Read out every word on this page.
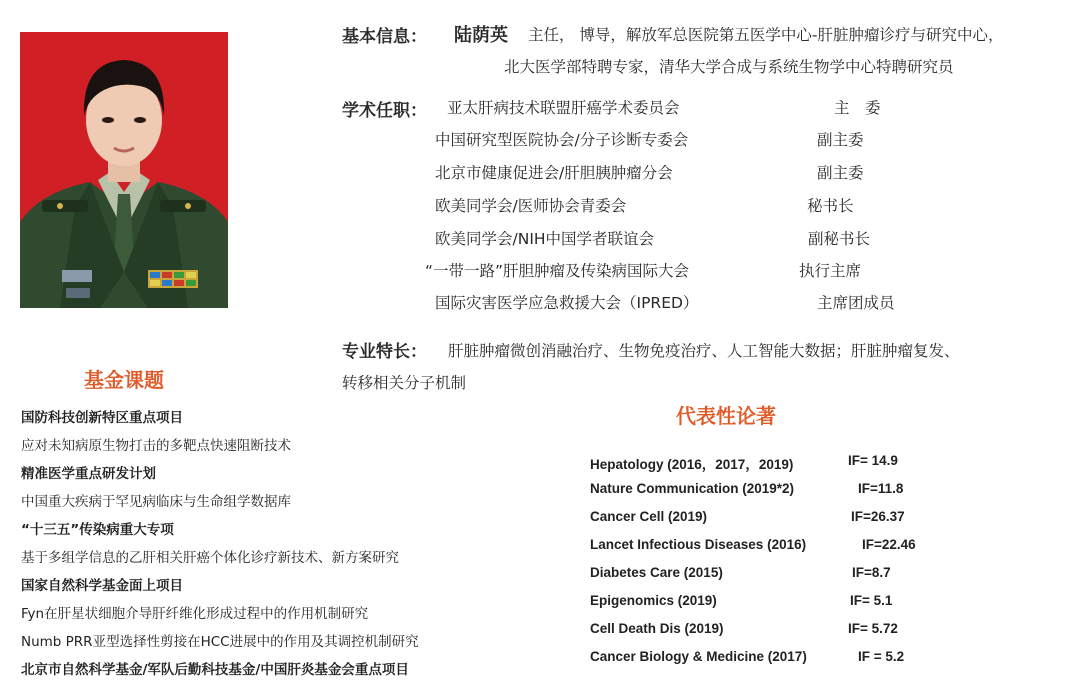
基本信息： 陆荫英 主任， 博导，解放军总医院第五医学中心-肝脏肿瘤诊疗与研究中心，
北大医学部特聘专家，清华大学合成与系统生物学中心特聘研究员
学术任职： 亚太肝病技术联盟肝癌学术委员会	主　委
中国研究型医院协会/分子诊断专委会	副主委
北京市健康促进会/肝胆胰肿瘤分会	副主委
欧美同学会/医师协会青委会	秘书长
欧美同学会/NIH中国学者联谊会	副秘书长
“一带一路”肝胆肿瘤及传染病国际大会	执行主席
国际灾害医学应急救援大会（IPRED）	主席团成员
专业特长： 肝脏肿瘤微创消融治疗、生物免疫治疗、人工智能大数据；肝脏肿瘤复发、
转移相关分子机制
基金课题
国防科技创新特区重点项目
应对未知病原生物打击的多靶点快速阻断技术
精准医学重点研发计划
中国重大疾病于罕见病临床与生命组学数据库
“十三五”传染病重大专项
基于多组学信息的乙肝相关肝癌个体化诊疗新技术、新方案研究
国家自然科学基金面上项目
Fyn在肝星状细胞介导肝纤维化形成过程中的作用机制研究
Numb PRR亚型选择性剪接在HCC进展中的作用及其调控机制研究
北京市自然科学基金/军队后勤科技基金/中国肝炎基金会重点项目
代表性论著
Hepatology (2016，2017，2019)	IF= 14.9
Nature Communication (2019*2)	IF=11.8
Cancer Cell (2019)	IF=26.37
Lancet Infectious Diseases (2016)	IF=22.46
Diabetes Care (2015)	IF=8.7
Epigenomics (2019)	IF= 5.1
Cell Death Dis (2019)	IF= 5.72
Cancer Biology & Medicine (2017)	IF = 5.2
